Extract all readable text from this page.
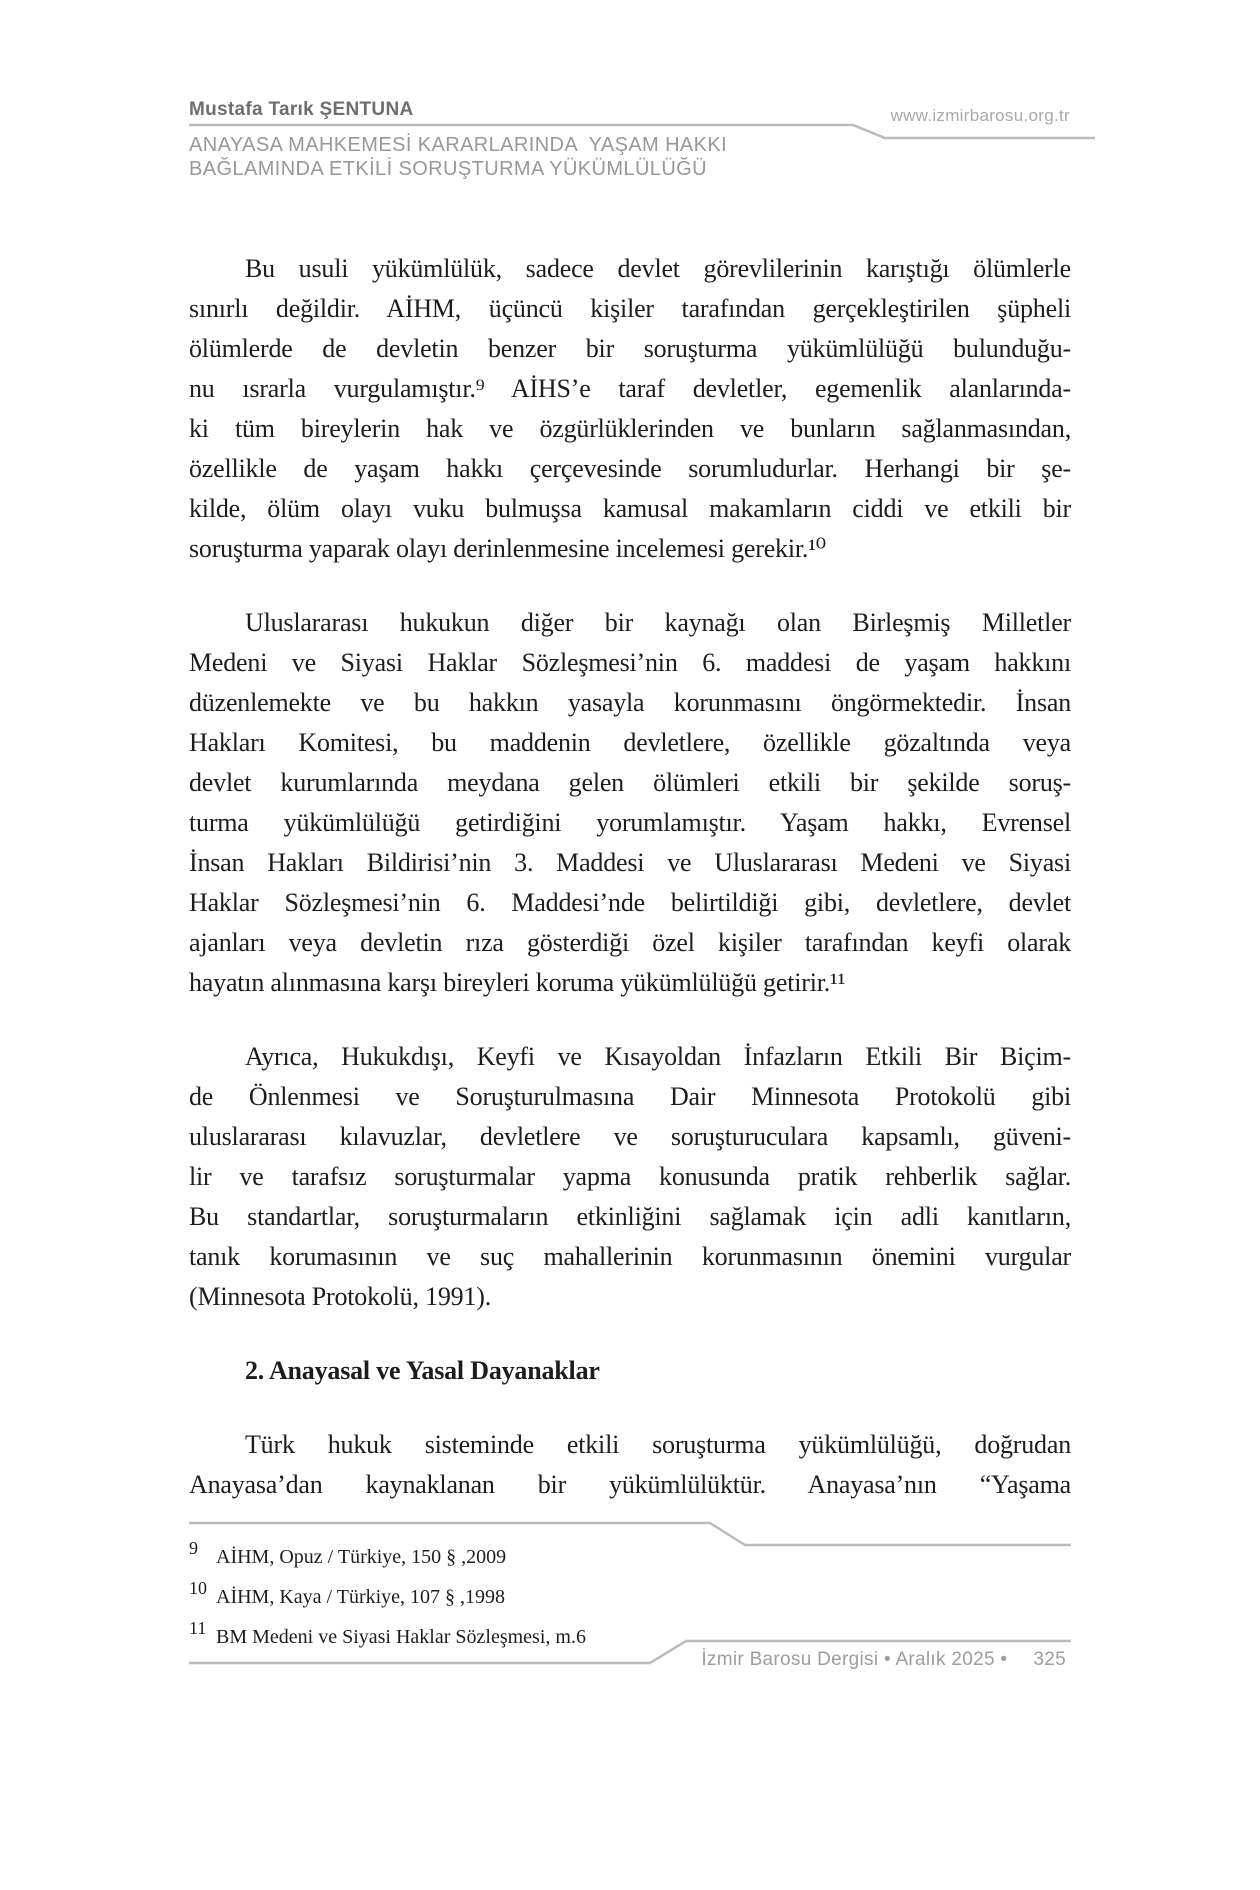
Mustafa Tarık ŞENTUNA	www.izmirbarosu.org.tr
ANAYASA MAHKEMESİ KARARLARINDA  YAŞAM HAKKI
BAĞLAMINDA ETKİLİ SORUŞTURMA YÜKÜMLÜLÜĞÜ
Bu usuli yükümlülük, sadece devlet görevlilerinin karıştığı ölümlerle
sınırlı değildir. AİHM, üçüncü kişiler tarafından gerçekleştirilen şüpheli
ölümlerde de devletin benzer bir soruşturma yükümlülüğü bulunduğu-
nu ısrarla vurgulamıştır.⁹ AİHS’e taraf devletler, egemenlik alanlarında-
ki tüm bireylerin hak ve özgürlüklerinden ve bunların sağlanmasından,
özellikle de yaşam hakkı çerçevesinde sorumludurlar. Herhangi bir şe-
kilde, ölüm olayı vuku bulmuşsa kamusal makamların ciddi ve etkili bir
soruşturma yaparak olayı derinlenmesine incelemesi gerekir.¹⁰
Uluslararası hukukun diğer bir kaynağı olan Birleşmiş Milletler
Medeni ve Siyasi Haklar Sözleşmesi’nin 6. maddesi de yaşam hakkını
düzenlemekte ve bu hakkın yasayla korunmasını öngörmektedir. İnsan
Hakları Komitesi, bu maddenin devletlere, özellikle gözaltında veya
devlet kurumlarında meydana gelen ölümleri etkili bir şekilde soruş-
turma yükümlülüğü getirdiğini yorumlamıştır. Yaşam hakkı, Evrensel
İnsan Hakları Bildirisi’nin 3. Maddesi ve Uluslararası Medeni ve Siyasi
Haklar Sözleşmesi’nin 6. Maddesi’nde belirtildiği gibi, devletlere, devlet
ajanları veya devletin rıza gösterdiği özel kişiler tarafından keyfi olarak
hayatın alınmasına karşı bireyleri koruma yükümlülüğü getirir.¹¹
Ayrıca, Hukukdışı, Keyfi ve Kısayoldan İnfazların Etkili Bir Biçim-
de Önlenmesi ve Soruşturulmasına Dair Minnesota Protokolü gibi
uluslararası kılavuzlar, devletlere ve soruşturuculara kapsamlı, güveni-
lir ve tarafsız soruşturmalar yapma konusunda pratik rehberlik sağlar.
Bu standartlar, soruşturmaların etkinliğini sağlamak için adli kanıtların,
tanık korumasının ve suç mahallerinin korunmasının önemini vurgular
(Minnesota Protokolü, 1991).
2. Anayasal ve Yasal Dayanaklar
Türk hukuk sisteminde etkili soruşturma yükümlülüğü, doğrudan
Anayasa’dan kaynaklanan bir yükümlülüktür. Anayasa’nın “Yaşama
9 AİHM, Opuz / Türkiye, 150 § ,2009
10 AİHM, Kaya / Türkiye, 107 § ,1998
11 BM Medeni ve Siyasi Haklar Sözleşmesi, m.6
İzmir Barosu Dergisi • Aralık 2025 • 325
